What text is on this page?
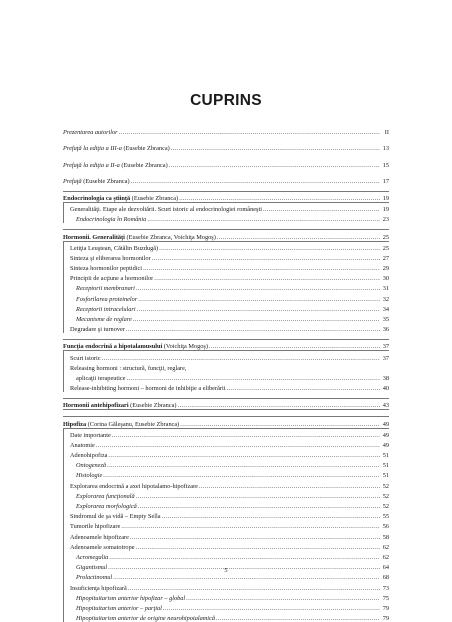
CUPRINS
Prezentarea autorilor .....	II
Prefaţă la ediţia a III-a (Eusebie Zbranca) .....	13
Prefaţă la ediţia a II-a (Eusebie Zbranca) .....	15
Prefaţă (Eusebie Zbranca) .....	17
Endocrinologia ca ştiinţă (Eusebie Zbranca) .....	19
Generalităţi. Etape ale dezvoltării. Scurt istoric al endocrinologiei româneşti .....	19
Endocrinologia în România .....	23
Hormonii. Generalităţi (Eusebie Zbranca, Voichiţa Mogoş) .....	25
Letiţia Leuştean, Cătălin Buzdugă) .....	25
Sinteza şi eliberarea hormonilor .....	27
Sinteza hormonilor peptidici .....	29
Principii de acţiune a hormonilor .....	30
Receptorii membranari .....	31
Fosforilarea proteinelor .....	32
Receptorii intracelulari .....	34
Mecanisme de reglare .....	35
Degradare şi turnover .....	36
Funcţia endocrină a hipotalamusului (Voichiţa Mogoş) .....	37
Scurt istoric .....	37
Releasing hormoni : structură, funcţii, reglare,
aplicaţii terapeutice .....	38
Release-inhibiting hormoni – hormoni de inhibiţie a eliberării .....	40
Hormonii antehipofizari (Eusebie Zbranca) .....	43
Hipofiza (Corina Găleşanu, Eusebie Zbranca) .....	49
Date importante .....	49
Anatomie .....	49
Adenohipofiza .....	51
Ontogeneză .....	51
Histologie .....	51
Explorarea endocrină a axei hipotalamo-hipofizare .....	52
Explorarea funcţională .....	52
Explorarea morfologică .....	52
Sindromul de şa vidă – Empty Sella .....	55
Tumorile hipofizare .....	56
Adenoamele hipofizare .....	58
Adenoamele somatotrope .....	62
Acromegalia .....	62
Gigantismul .....	64
Prolactinomul .....	68
Insuficienţa hipofizară .....	73
Hipopituitarism anterior hipofizar – global .....	75
Hipopituitarism anterior – parţial .....	79
Hipopituitarism anterior de origine neurohipotalamică .....	79
5
